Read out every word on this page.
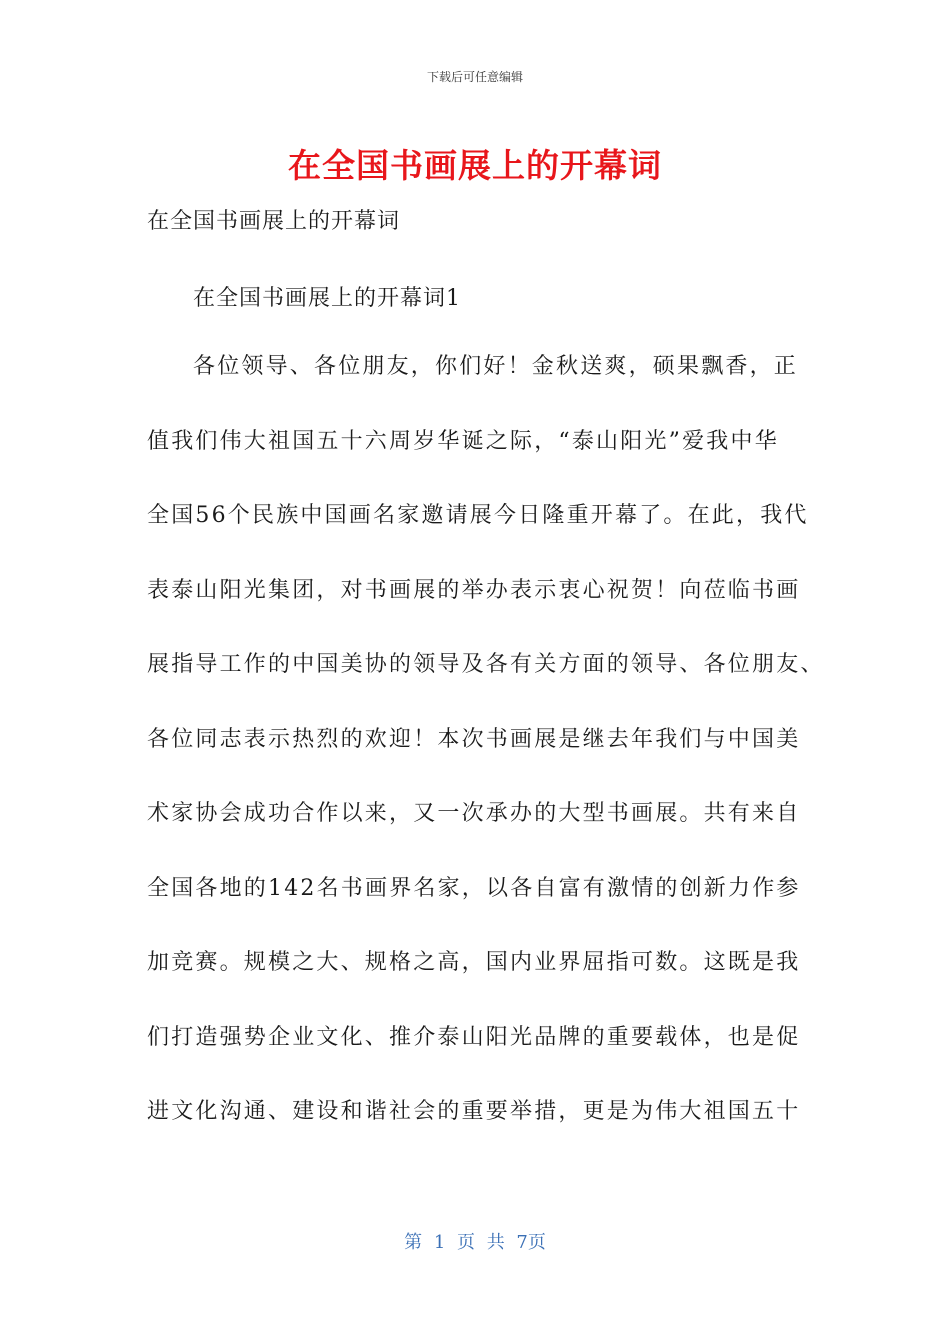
下载后可任意编辑
在全国书画展上的开幕词
在全国书画展上的开幕词
在全国书画展上的开幕词1
各位领导、各位朋友，你们好！金秋送爽，硕果飘香，正
值我们伟大祖国五十六周岁华诞之际，“泰山阳光”爱我中华
全国56个民族中国画名家邀请展今日隆重开幕了。在此，我代
表泰山阳光集团，对书画展的举办表示衷心祝贺！向莅临书画
展指导工作的中国美协的领导及各有关方面的领导、各位朋友、
各位同志表示热烈的欢迎！本次书画展是继去年我们与中国美
术家协会成功合作以来，又一次承办的大型书画展。共有来自
全国各地的142名书画界名家，以各自富有激情的创新力作参
加竞赛。规模之大、规格之高，国内业界屈指可数。这既是我
们打造强势企业文化、推介泰山阳光品牌的重要载体，也是促
进文化沟通、建设和谐社会的重要举措，更是为伟大祖国五十
第 1 页 共 7页
